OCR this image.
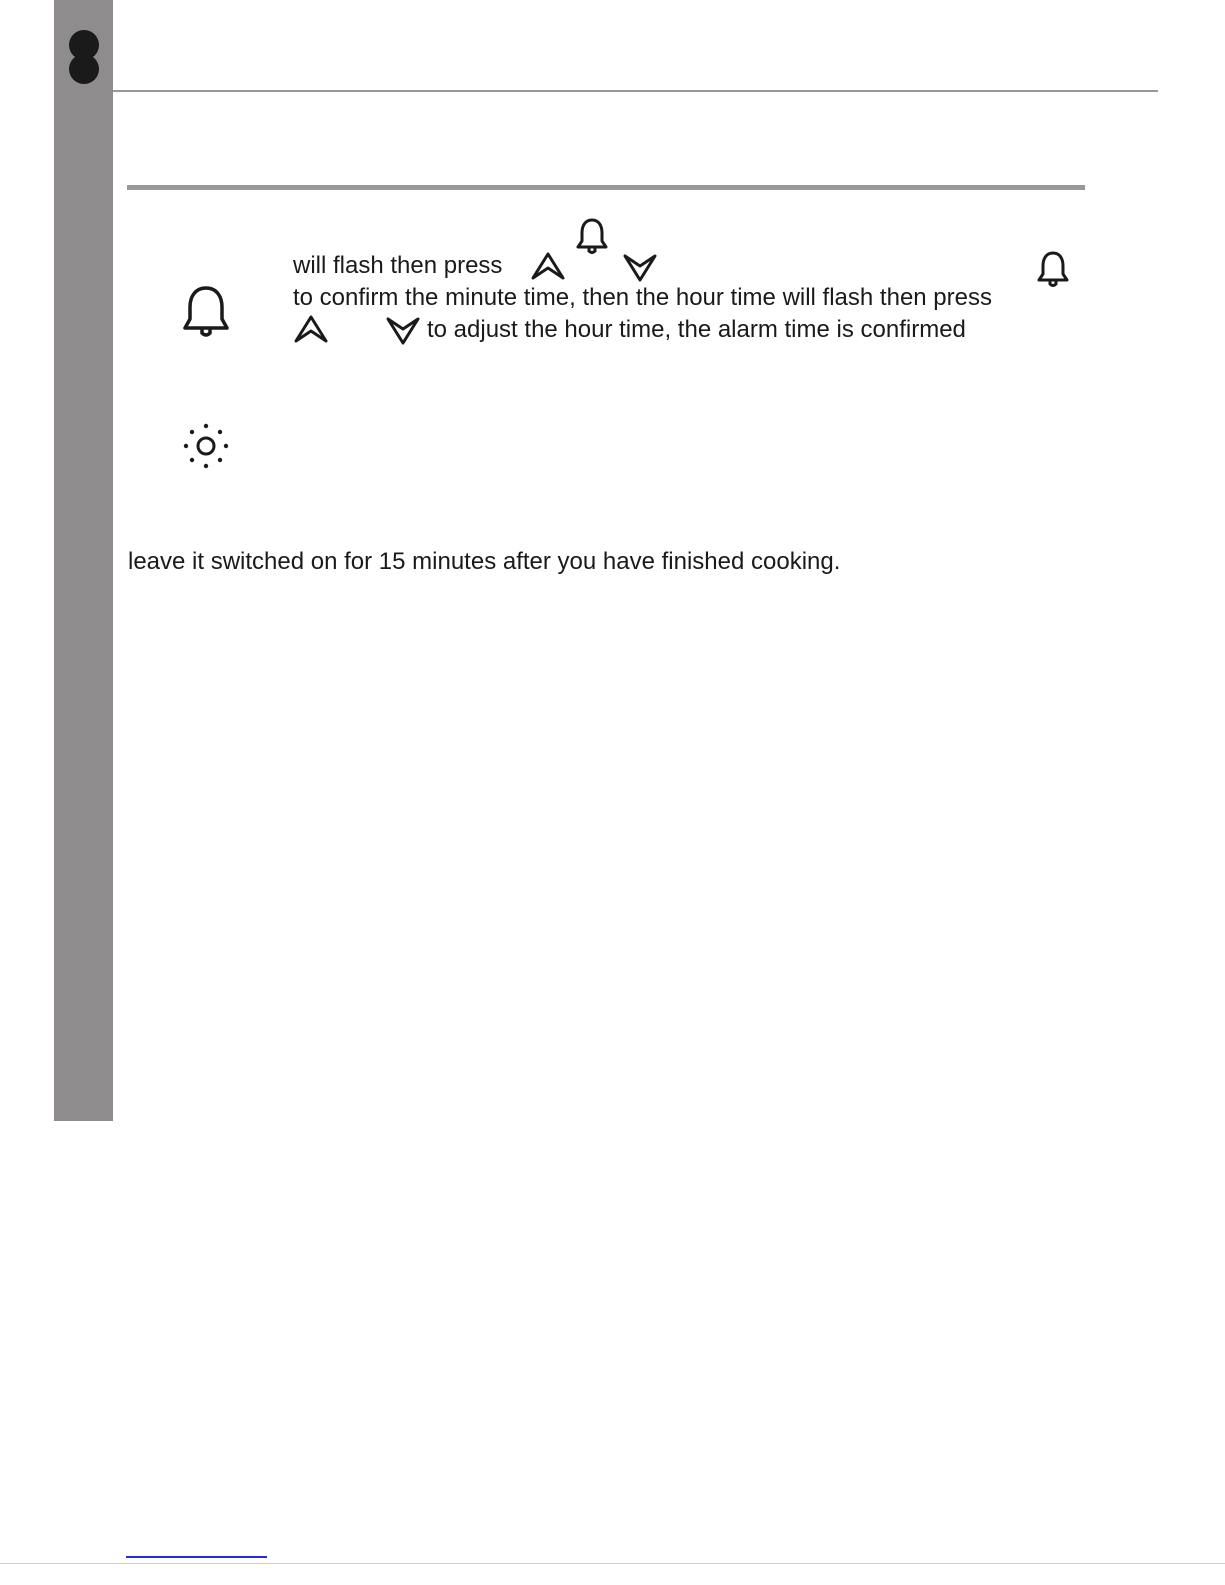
will flash then press
to confirm the minute time, then the hour time will flash then press
to adjust the hour time, the alarm time is confirmed
leave it switched on for 15 minutes after you have finished cooking.
